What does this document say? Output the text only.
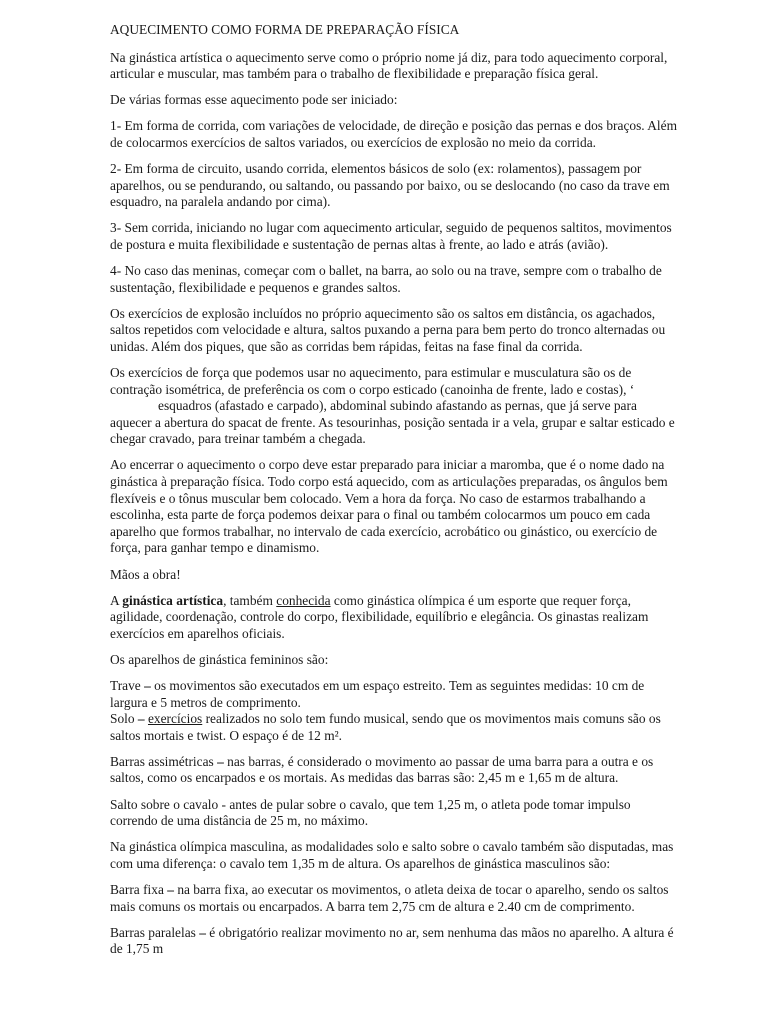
AQUECIMENTO COMO FORMA DE PREPARAÇÃO FÍSICA
Na ginástica artística o aquecimento serve como o próprio nome já diz, para todo aquecimento corporal,
articular e muscular, mas também para o trabalho de flexibilidade e preparação física geral.
De várias formas esse aquecimento pode ser iniciado:
1- Em forma de corrida, com variações de velocidade, de direção e posição das pernas e dos braços. Além
de colocarmos exercícios de saltos variados, ou exercícios de explosão no meio da corrida.
2- Em forma de circuito, usando corrida, elementos básicos de solo (ex: rolamentos), passagem por
aparelhos, ou se pendurando, ou saltando, ou passando por baixo, ou se deslocando (no caso da trave em
esquadro, na paralela andando por cima).
3- Sem corrida, iniciando no lugar com aquecimento articular, seguido de pequenos saltitos, movimentos
de postura e muita flexibilidade e sustentação de pernas altas à frente, ao lado e atrás (avião).
4- No caso das meninas, começar com o ballet, na barra, ao solo ou na trave, sempre com o trabalho de
sustentação, flexibilidade e pequenos e grandes saltos.
Os exercícios de explosão incluídos no próprio aquecimento são os saltos em distância, os agachados,
saltos repetidos com velocidade e altura, saltos puxando a perna para bem perto do tronco alternadas ou
unidas. Além dos piques, que são as corridas bem rápidas, feitas na fase final da corrida.
Os exercícios de força que podemos usar no aquecimento, para estimular e musculatura são os de
contração isométrica, de preferência os com o corpo esticado (canoinha de frente, lado e costas), ‘
esquadros (afastado e carpado), abdominal subindo afastando as pernas, que já serve para
aquecer a abertura do spacat de frente. As tesourinhas, posição sentada ir a vela, grupar e saltar esticado e
chegar cravado, para treinar também a chegada.
Ao encerrar o aquecimento o corpo deve estar preparado para iniciar a maromba, que é o nome dado na
ginástica à preparação física. Todo corpo está aquecido, com as articulações preparadas, os ângulos bem
flexíveis e o tônus muscular bem colocado. Vem a hora da força. No caso de estarmos trabalhando a
escolinha, esta parte de força podemos deixar para o final ou também colocarmos um pouco em cada
aparelho que formos trabalhar, no intervalo de cada exercício, acrobático ou ginástico, ou exercício de
força, para ganhar tempo e dinamismo.
Mãos a obra!
A ginástica artística, também conhecida como ginástica olímpica é um esporte que requer força,
agilidade, coordenação, controle do corpo, flexibilidade, equilíbrio e elegância. Os ginastas realizam
exercícios em aparelhos oficiais.
Os aparelhos de ginástica femininos são:
Trave – os movimentos são executados em um espaço estreito. Tem as seguintes medidas: 10 cm de
largura e 5 metros de comprimento.
Solo – exercícios realizados no solo tem fundo musical, sendo que os movimentos mais comuns são os
saltos mortais e twist. O espaço é de 12 m².
Barras assimétricas – nas barras, é considerado o movimento ao passar de uma barra para a outra e os
saltos, como os encarpados e os mortais. As medidas das barras são: 2,45 m e 1,65 m de altura.
Salto sobre o cavalo - antes de pular sobre o cavalo, que tem 1,25 m, o atleta pode tomar impulso
correndo de uma distância de 25 m, no máximo.
Na ginástica olímpica masculina, as modalidades solo e salto sobre o cavalo também são disputadas, mas
com uma diferença: o cavalo tem 1,35 m de altura. Os aparelhos de ginástica masculinos são:
Barra fixa – na barra fixa, ao executar os movimentos, o atleta deixa de tocar o aparelho, sendo os saltos
mais comuns os mortais ou encarpados. A barra tem 2,75 cm de altura e 2.40 cm de comprimento.
Barras paralelas – é obrigatório realizar movimento no ar, sem nenhuma das mãos no aparelho. A altura é
de 1,75 m
